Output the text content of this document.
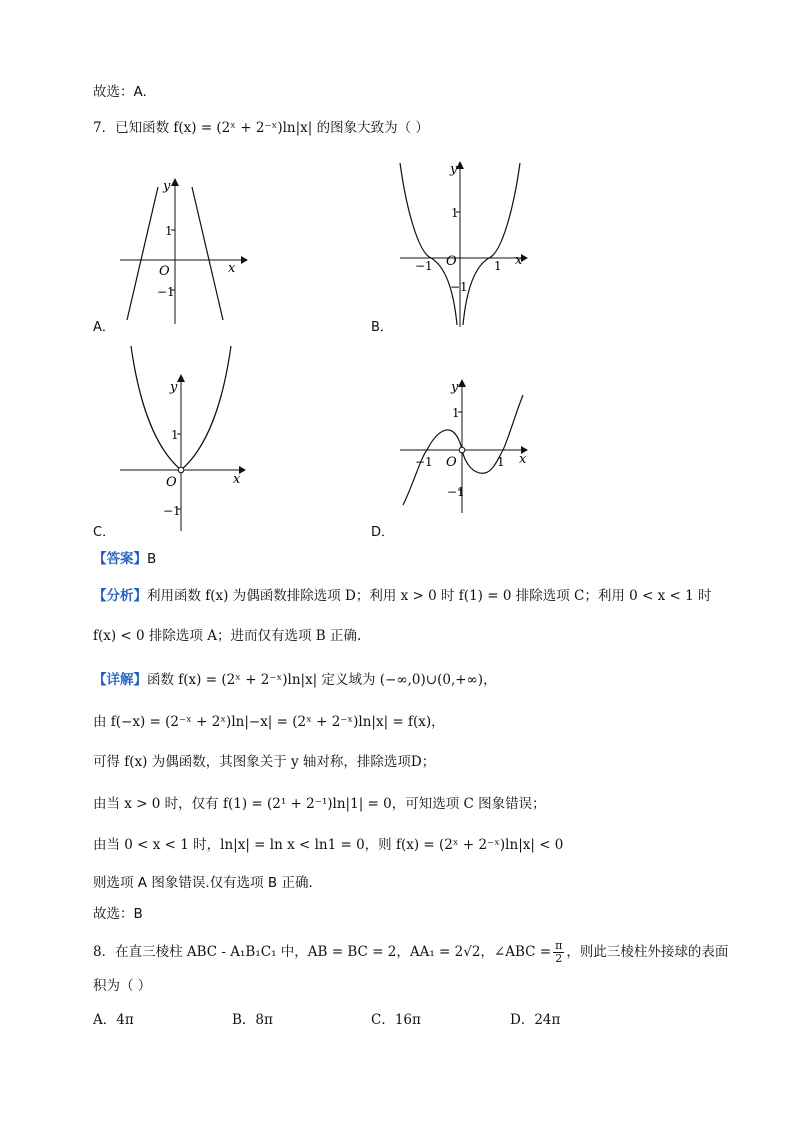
故选：A.
7．已知函数 f(x) = (2ˣ + 2⁻ˣ)ln|x| 的图象大致为（ ）
y
x
O
1
−1
A．
y
x
O
1
−1
−1	1
B．
y
x
O
1
−1
C．
y
x
O
1
−1
−1	1
D．
【答案】B
【分析】利用函数 f(x) 为偶函数排除选项 D；利用 x > 0 时 f(1) = 0 排除选项 C；利用 0 < x < 1 时
f(x) < 0 排除选项 A；进而仅有选项 B 正确.
【详解】函数 f(x) = (2ˣ + 2⁻ˣ)ln|x| 定义域为 (−∞,0)∪(0,+∞)，
由 f(−x) = (2⁻ˣ + 2ˣ)ln|−x| = (2ˣ + 2⁻ˣ)ln|x| = f(x)，
可得 f(x) 为偶函数，其图象关于 y 轴对称，排除选项D；
由当 x > 0 时，仅有 f(1) = (2¹ + 2⁻¹)ln|1| = 0，可知选项 C 图象错误；
由当 0 < x < 1 时，ln|x| = ln x < ln1 = 0，则 f(x) = (2ˣ + 2⁻ˣ)ln|x| < 0
则选项 A 图象错误.仅有选项 B 正确.
故选：B
8．在直三棱柱 ABC - A₁B₁C₁ 中，AB = BC = 2，AA₁ = 2√2，∠ABC = $\frac{\pi}{2}$ ，则此三棱柱外接球的表面
积为（ ）
A．4π	B．8π	C．16π	D．24π
